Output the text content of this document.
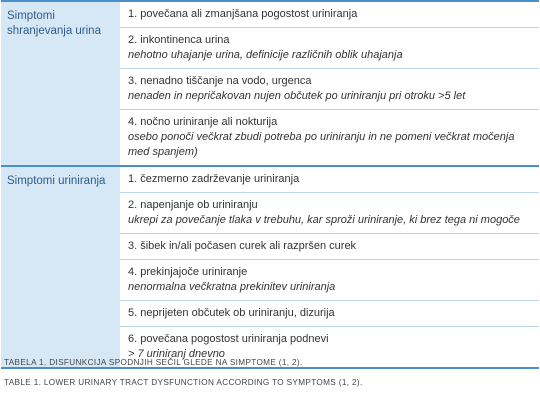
Simptomi shranjevanja urina
1. povečana ali zmanjšana pogostost uriniranja
2. inkontinenca urina
nehotno uhajanje urina, definicije različnih oblik uhajanja
3. nenadno tiščanje na vodo, urgenca
nenaden in nepričakovan nujen občutek po uriniranju pri otroku >5 let
4. nočno uriniranje ali nokturija
osebo ponoči večkrat zbudi potreba po uriniranju in ne pomeni večkrat močenja med spanjem)
Simptomi uriniranja	1. čezmerno zadrževanje uriniranja
2. napenjanje ob uriniranju
ukrepi za povečanje tlaka v trebuhu, kar sproži uriniranje, ki brez tega ni mogoče
3. šibek in/ali počasen curek ali razpršen curek
4. prekinjajoče uriniranje
nenormalna večkratna prekinitev uriniranja
5. neprijeten občutek ob uriniranju, dizurija
6. povečana pogostost uriniranja podnevi
> 7 uriniranj dnevno
TABELA 1. DISFUNKCIJA SPODNJIH SEČIL GLEDE NA SIMPTOME (1, 2).
TABLE 1. LOWER URINARY TRACT DYSFUNCTION ACCORDING TO SYMPTOMS (1, 2).
